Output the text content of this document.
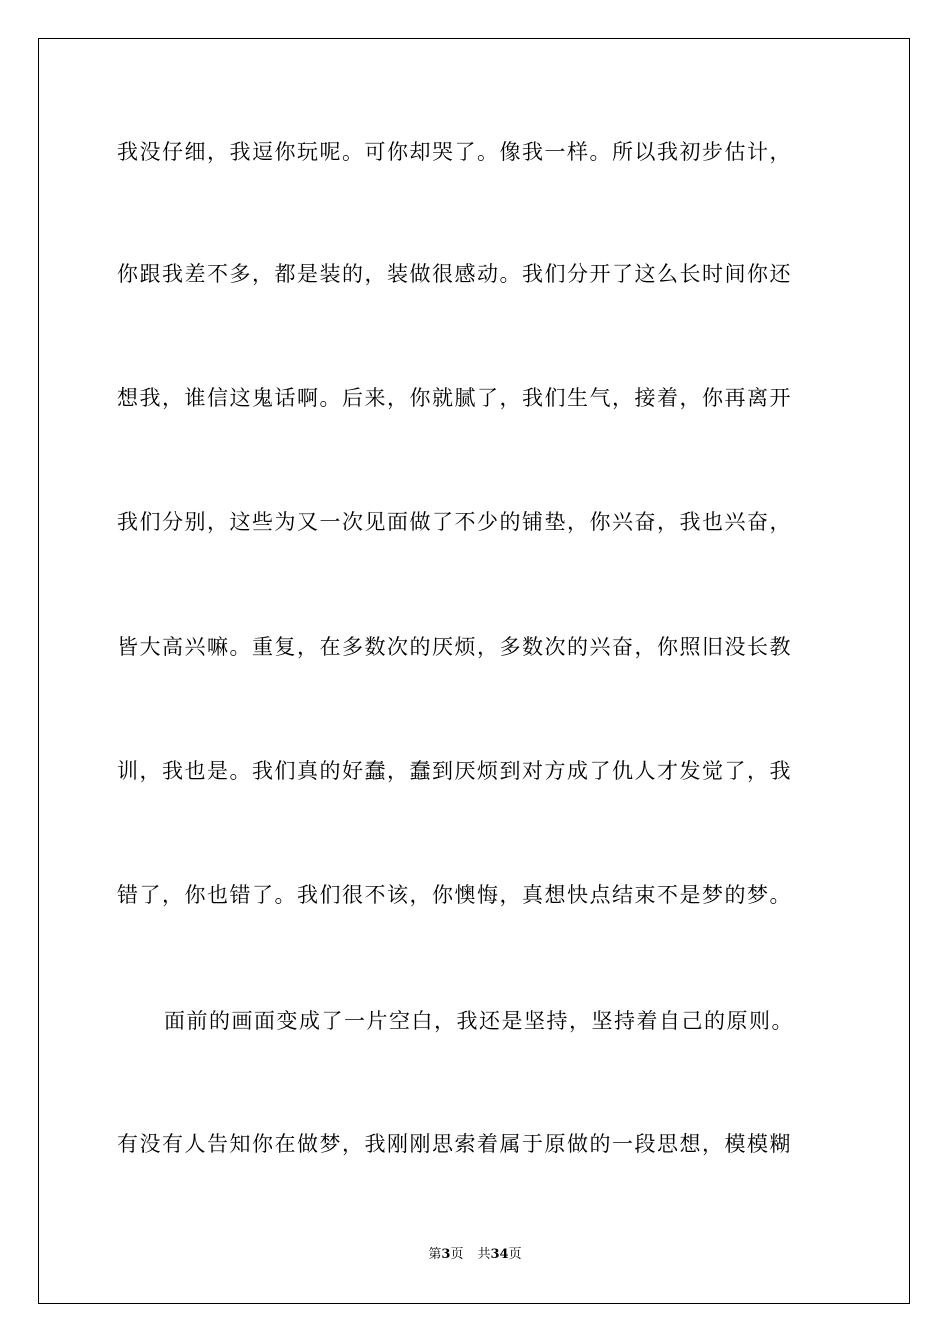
我没仔细，我逗你玩呢。可你却哭了。像我一样。所以我初步估计，
你跟我差不多，都是装的，装做很感动。我们分开了这么长时间你还
想我，谁信这鬼话啊。后来，你就腻了，我们生气，接着，你再离开
我们分别，这些为又一次见面做了不少的铺垫，你兴奋，我也兴奋，
皆大高兴嘛。重复，在多数次的厌烦，多数次的兴奋，你照旧没长教
训，我也是。我们真的好蠢，蠢到厌烦到对方成了仇人才发觉了，我
错了，你也错了。我们很不该，你懊悔，真想快点结束不是梦的梦。
面前的画面变成了一片空白，我还是坚持，坚持着自己的原则。
有没有人告知你在做梦，我刚刚思索着属于原做的一段思想，模模糊
第3页 共34页
